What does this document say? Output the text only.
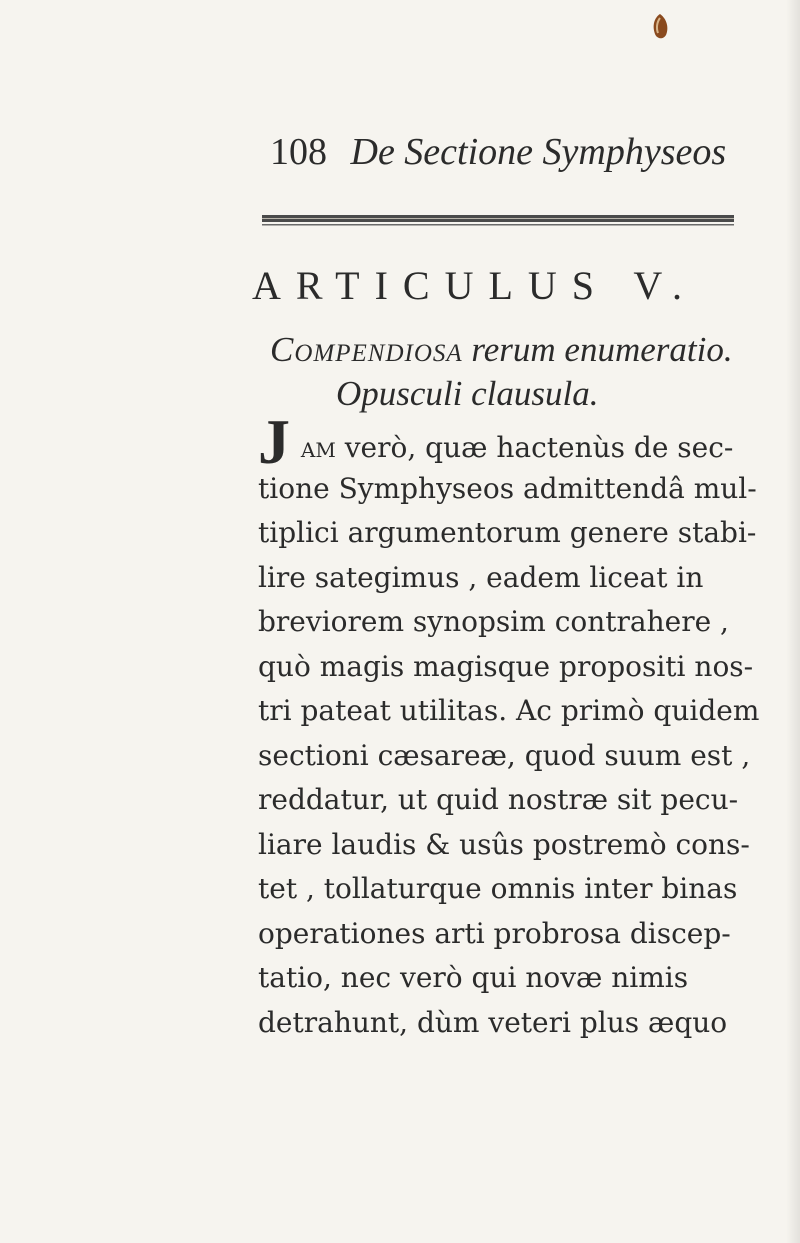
108 De Sectione Symphyseos
ARTICULUS V.
Compendiosa rerum enumeratio.
Opusculi clausula.
J am verò, quæ hactenùs de sec-
tione Symphyseos admittendâ mul-
tiplici argumentorum genere stabi-
lire sategimus , eadem liceat in
breviorem synopsim contrahere ,
quò magis magisque propositi nos-
tri pateat utilitas. Ac primò quidem
sectioni cæsareæ, quod suum est ,
reddatur, ut quid nostræ sit pecu-
liare laudis & usûs postremò cons-
tet , tollaturque omnis inter binas
operationes arti probrosa discep-
tatio, nec verò qui novæ nimis
detrahunt, dùm veteri plus æquo
